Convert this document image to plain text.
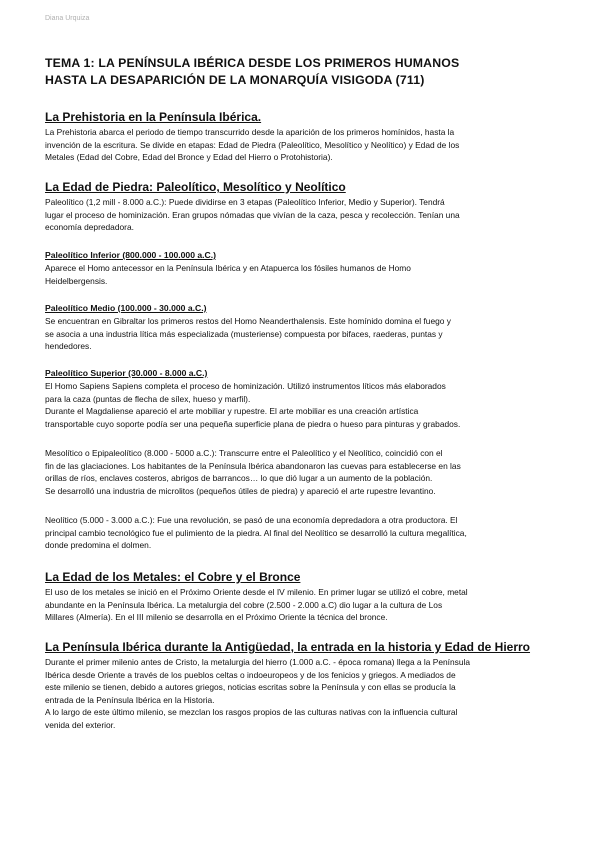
Diana Urquiza
TEMA 1: LA PENÍNSULA IBÉRICA DESDE LOS PRIMEROS HUMANOS
HASTA LA DESAPARICIÓN DE LA MONARQUÍA VISIGODA (711)
La Prehistoria en la Península Ibérica.
La Prehistoria abarca el periodo de tiempo transcurrido desde la aparición de los primeros homínidos, hasta la
invención de la escritura. Se divide en etapas: Edad de Piedra (Paleolítico, Mesolítico y Neolítico) y Edad de los
Metales (Edad del Cobre, Edad del Bronce y Edad del Hierro o Protohistoria).
La Edad de Piedra: Paleolítico, Mesolítico y Neolítico
Paleolítico (1,2 mill - 8.000 a.C.): Puede dividirse en 3 etapas (Paleolítico Inferior, Medio y Superior). Tendrá
lugar el proceso de hominización. Eran grupos nómadas que vivían de la caza, pesca y recolección. Tenían una
economía depredadora.
Paleolítico Inferior (800.000 - 100.000 a.C.)
Aparece el Homo antecessor en la Península Ibérica y en Atapuerca los fósiles humanos de Homo
Heidelbergensis.
Paleolítico Medio (100.000 - 30.000 a.C.)
Se encuentran en Gibraltar los primeros restos del Homo Neanderthalensis. Este homínido domina el fuego y
se asocia a una industria lítica más especializada (musteriense) compuesta por bifaces, raederas, puntas y
hendedores.
Paleolítico Superior (30.000 - 8.000 a.C.)
El Homo Sapiens Sapiens completa el proceso de hominización. Utilizó instrumentos líticos más elaborados
para la caza (puntas de flecha de sílex, hueso y marfil).
Durante el Magdaliense apareció el arte mobiliar y rupestre. El arte mobiliar es una creación artística
transportable cuyo soporte podía ser una pequeña superficie plana de piedra o hueso para pinturas y grabados.
Mesolítico o Epipaleolítico (8.000 - 5000 a.C.): Transcurre entre el Paleolítico y el Neolítico, coincidió con el
fin de las glaciaciones. Los habitantes de la Península Ibérica abandonaron las cuevas para establecerse en las
orillas de ríos, enclaves costeros, abrigos de barrancos… lo que dió lugar a un aumento de la población.
Se desarrolló una industria de microlitos (pequeños útiles de piedra) y apareció el arte rupestre levantino.
Neolítico (5.000 - 3.000 a.C.): Fue una revolución, se pasó de una economía depredadora a otra productora. El
principal cambio tecnológico fue el pulimiento de la piedra. Al final del Neolítico se desarrolló la cultura megalítica,
donde predomina el dolmen.
La Edad de los Metales: el Cobre y el Bronce
El uso de los metales se inició en el Próximo Oriente desde el IV milenio. En primer lugar se utilizó el cobre, metal
abundante en la Península Ibérica. La metalurgia del cobre (2.500 - 2.000 a.C) dio lugar a la cultura de Los
Millares (Almería). En el III milenio se desarrolla en el Próximo Oriente la técnica del bronce.
La Península Ibérica durante la Antigüedad, la entrada en la historia y Edad de Hierro
Durante el primer milenio antes de Cristo, la metalurgia del hierro (1.000 a.C. - época romana) llega a la Península
Ibérica desde Oriente a través de los pueblos celtas o indoeuropeos y de los fenicios y griegos. A mediados de
este milenio se tienen, debido a autores griegos, noticias escritas sobre la Península y con ellas se producía la
entrada de la Península Ibérica en la Historia.
A lo largo de este último milenio, se mezclan los rasgos propios de las culturas nativas con la influencia cultural
venida del exterior.
